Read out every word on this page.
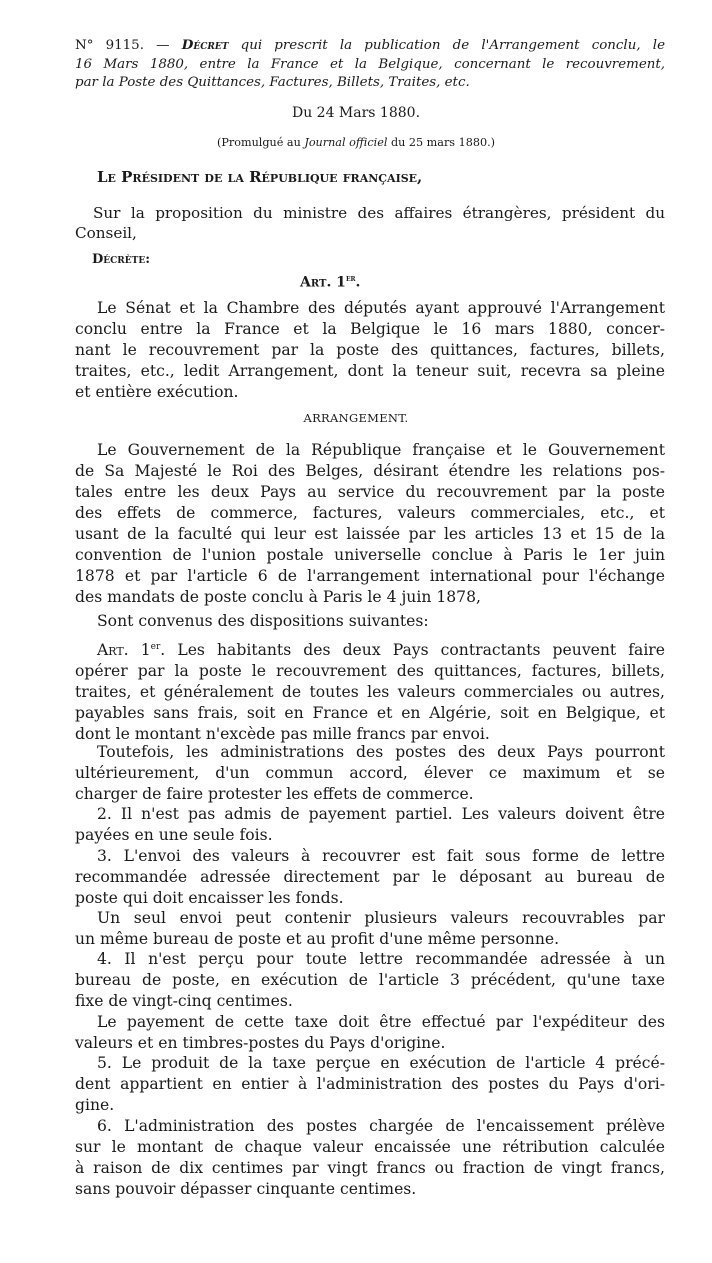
N° 9115. — Décret qui prescrit la publication de l'Arrangement conclu, le
16 Mars 1880, entre la France et la Belgique, concernant le recouvrement,
par la Poste des Quittances, Factures, Billets, Traites, etc.
Du 24 Mars 1880.
(Promulgué au Journal officiel du 25 mars 1880.)
Le Président de la République française,
Sur la proposition du ministre des affaires étrangères, président du
Conseil,
Décrète:
Art. 1er.
Le Sénat et la Chambre des députés ayant approuvé l'Arrangement
conclu entre la France et la Belgique le 16 mars 1880, concer-
nant le recouvrement par la poste des quittances, factures, billets,
traites, etc., ledit Arrangement, dont la teneur suit, recevra sa pleine
et entière exécution.
ARRANGEMENT.
Le Gouvernement de la République française et le Gouvernement
de Sa Majesté le Roi des Belges, désirant étendre les relations pos-
tales entre les deux Pays au service du recouvrement par la poste
des effets de commerce, factures, valeurs commerciales, etc., et
usant de la faculté qui leur est laissée par les articles 13 et 15 de la
convention de l'union postale universelle conclue à Paris le 1er juin
1878 et par l'article 6 de l'arrangement international pour l'échange
des mandats de poste conclu à Paris le 4 juin 1878,
Sont convenus des dispositions suivantes:
Art. 1er. Les habitants des deux Pays contractants peuvent faire
opérer par la poste le recouvrement des quittances, factures, billets,
traites, et généralement de toutes les valeurs commerciales ou autres,
payables sans frais, soit en France et en Algérie, soit en Belgique, et
dont le montant n'excède pas mille francs par envoi.
Toutefois, les administrations des postes des deux Pays pourront
ultérieurement, d'un commun accord, élever ce maximum et se
charger de faire protester les effets de commerce.
2. Il n'est pas admis de payement partiel. Les valeurs doivent être
payées en une seule fois.
3. L'envoi des valeurs à recouvrer est fait sous forme de lettre
recommandée adressée directement par le déposant au bureau de
poste qui doit encaisser les fonds.
Un seul envoi peut contenir plusieurs valeurs recouvrables par
un même bureau de poste et au profit d'une même personne.
4. Il n'est perçu pour toute lettre recommandée adressée à un
bureau de poste, en exécution de l'article 3 précédent, qu'une taxe
fixe de vingt-cinq centimes.
Le payement de cette taxe doit être effectué par l'expéditeur des
valeurs et en timbres-postes du Pays d'origine.
5. Le produit de la taxe perçue en exécution de l'article 4 précé-
dent appartient en entier à l'administration des postes du Pays d'ori-
gine.
6. L'administration des postes chargée de l'encaissement prélève
sur le montant de chaque valeur encaissée une rétribution calculée
à raison de dix centimes par vingt francs ou fraction de vingt francs,
sans pouvoir dépasser cinquante centimes.
